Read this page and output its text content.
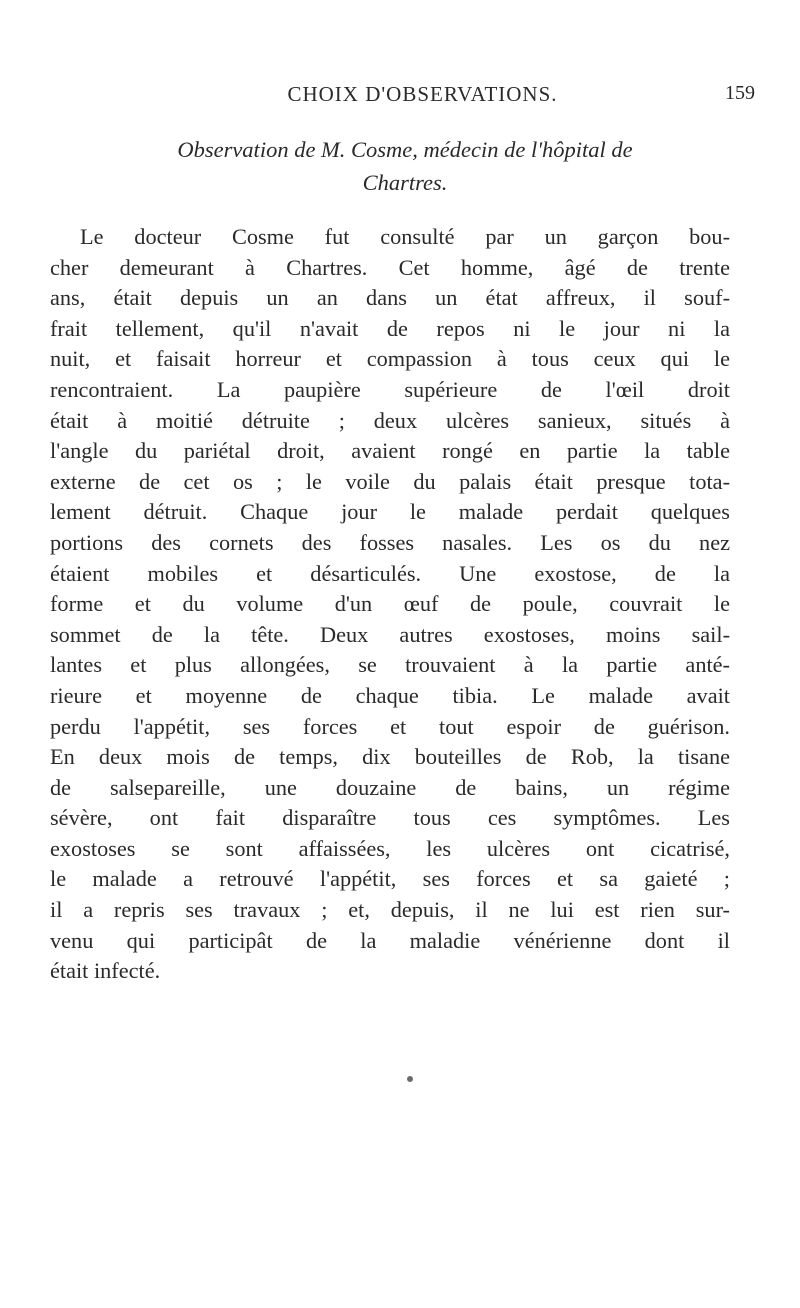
CHOIX D'OBSERVATIONS.	159
Observation de M. Cosme, médecin de l'hôpital de
Chartres.
Le docteur Cosme fut consulté par un garçon bou-
cher demeurant à Chartres. Cet homme, âgé de trente
ans, était depuis un an dans un état affreux, il souf-
frait tellement, qu'il n'avait de repos ni le jour ni la
nuit, et faisait horreur et compassion à tous ceux qui le
rencontraient. La paupière supérieure de l'œil droit
était à moitié détruite ; deux ulcères sanieux, situés à
l'angle du pariétal droit, avaient rongé en partie la table
externe de cet os ; le voile du palais était presque tota-
lement détruit. Chaque jour le malade perdait quelques
portions des cornets des fosses nasales. Les os du nez
étaient mobiles et désarticulés. Une exostose, de la
forme et du volume d'un œuf de poule, couvrait le
sommet de la tête. Deux autres exostoses, moins sail-
lantes et plus allongées, se trouvaient à la partie anté-
rieure et moyenne de chaque tibia. Le malade avait
perdu l'appétit, ses forces et tout espoir de guérison.
En deux mois de temps, dix bouteilles de Rob, la tisane
de salsepareille, une douzaine de bains, un régime
sévère, ont fait disparaître tous ces symptômes. Les
exostoses se sont affaissées, les ulcères ont cicatrisé,
le malade a retrouvé l'appétit, ses forces et sa gaieté ;
il a repris ses travaux ; et, depuis, il ne lui est rien sur-
venu qui participât de la maladie vénérienne dont il
était infecté.
